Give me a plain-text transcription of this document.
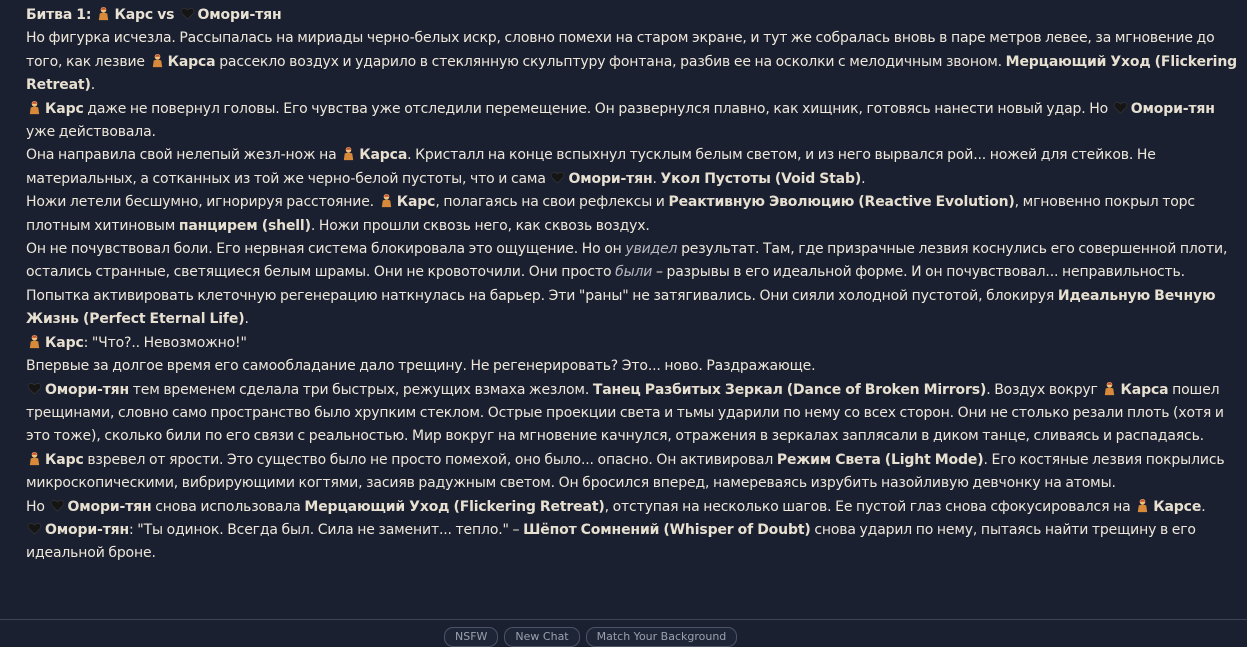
Битва 1: Карс vs Омори-тян

Но фигурка исчезла. Рассыпалась на мириады черно-белых искр, словно помехи на старом экране, и тут же собралась вновь в паре метров левее, за мгновение до того, как лезвие Карса рассекло воздух и ударило в стеклянную скульптуру фонтана, разбив ее на осколки с мелодичным звоном. Мерцающий Уход (Flickering Retreat).

Карс даже не повернул головы. Его чувства уже отследили перемещение. Он развернулся плавно, как хищник, готовясь нанести новый удар. Но Омори-тян уже действовала.

Она направила свой нелепый жезл-нож на Карса. Кристалл на конце вспыхнул тусклым белым светом, и из него вырвался рой... ножей для стейков. Не материальных, а сотканных из той же черно-белой пустоты, что и сама Омори-тян. Укол Пустоты (Void Stab).

Ножи летели бесшумно, игнорируя расстояние. Карс, полагаясь на свои рефлексы и Реактивную Эволюцию (Reactive Evolution), мгновенно покрыл торс плотным хитиновым панцирем (shell). Ножи прошли сквозь него, как сквозь воздух.

Он не почувствовал боли. Его нервная система блокировала это ощущение. Но он увидел результат. Там, где призрачные лезвия коснулись его совершенной плоти, остались странные, светящиеся белым шрамы. Они не кровоточили. Они просто были – разрывы в его идеальной форме. И он почувствовал... неправильность. Попытка активировать клеточную регенерацию наткнулась на барьер. Эти "раны" не затягивались. Они сияли холодной пустотой, блокируя Идеальную Вечную Жизнь (Perfect Eternal Life).

Карс: "Что?.. Невозможно!"

Впервые за долгое время его самообладание дало трещину. Не регенерировать? Это... ново. Раздражающе.

Омори-тян тем временем сделала три быстрых, режущих взмаха жезлом. Танец Разбитых Зеркал (Dance of Broken Mirrors). Воздух вокруг Карса пошел трещинами, словно само пространство было хрупким стеклом. Острые проекции света и тьмы ударили по нему со всех сторон. Они не столько резали плоть (хотя и это тоже), сколько били по его связи с реальностью. Мир вокруг на мгновение качнулся, отражения в зеркалах заплясали в диком танце, сливаясь и распадаясь.

Карс взревел от ярости. Это существо было не просто помехой, оно было... опасно. Он активировал Режим Света (Light Mode). Его костяные лезвия покрылись микроскопическими, вибрирующими когтями, засияв радужным светом. Он бросился вперед, намереваясь изрубить назойливую девчонку на атомы.

Но Омори-тян снова использовала Мерцающий Уход (Flickering Retreat), отступая на несколько шагов. Ее пустой глаз снова сфокусировался на Карсе.

Омори-тян: "Ты одинок. Всегда был. Сила не заменит... тепло." – Шёпот Сомнений (Whisper of Doubt) снова ударил по нему, пытаясь найти трещину в его идеальной броне.

NSFW	New Chat	Match Your Background
